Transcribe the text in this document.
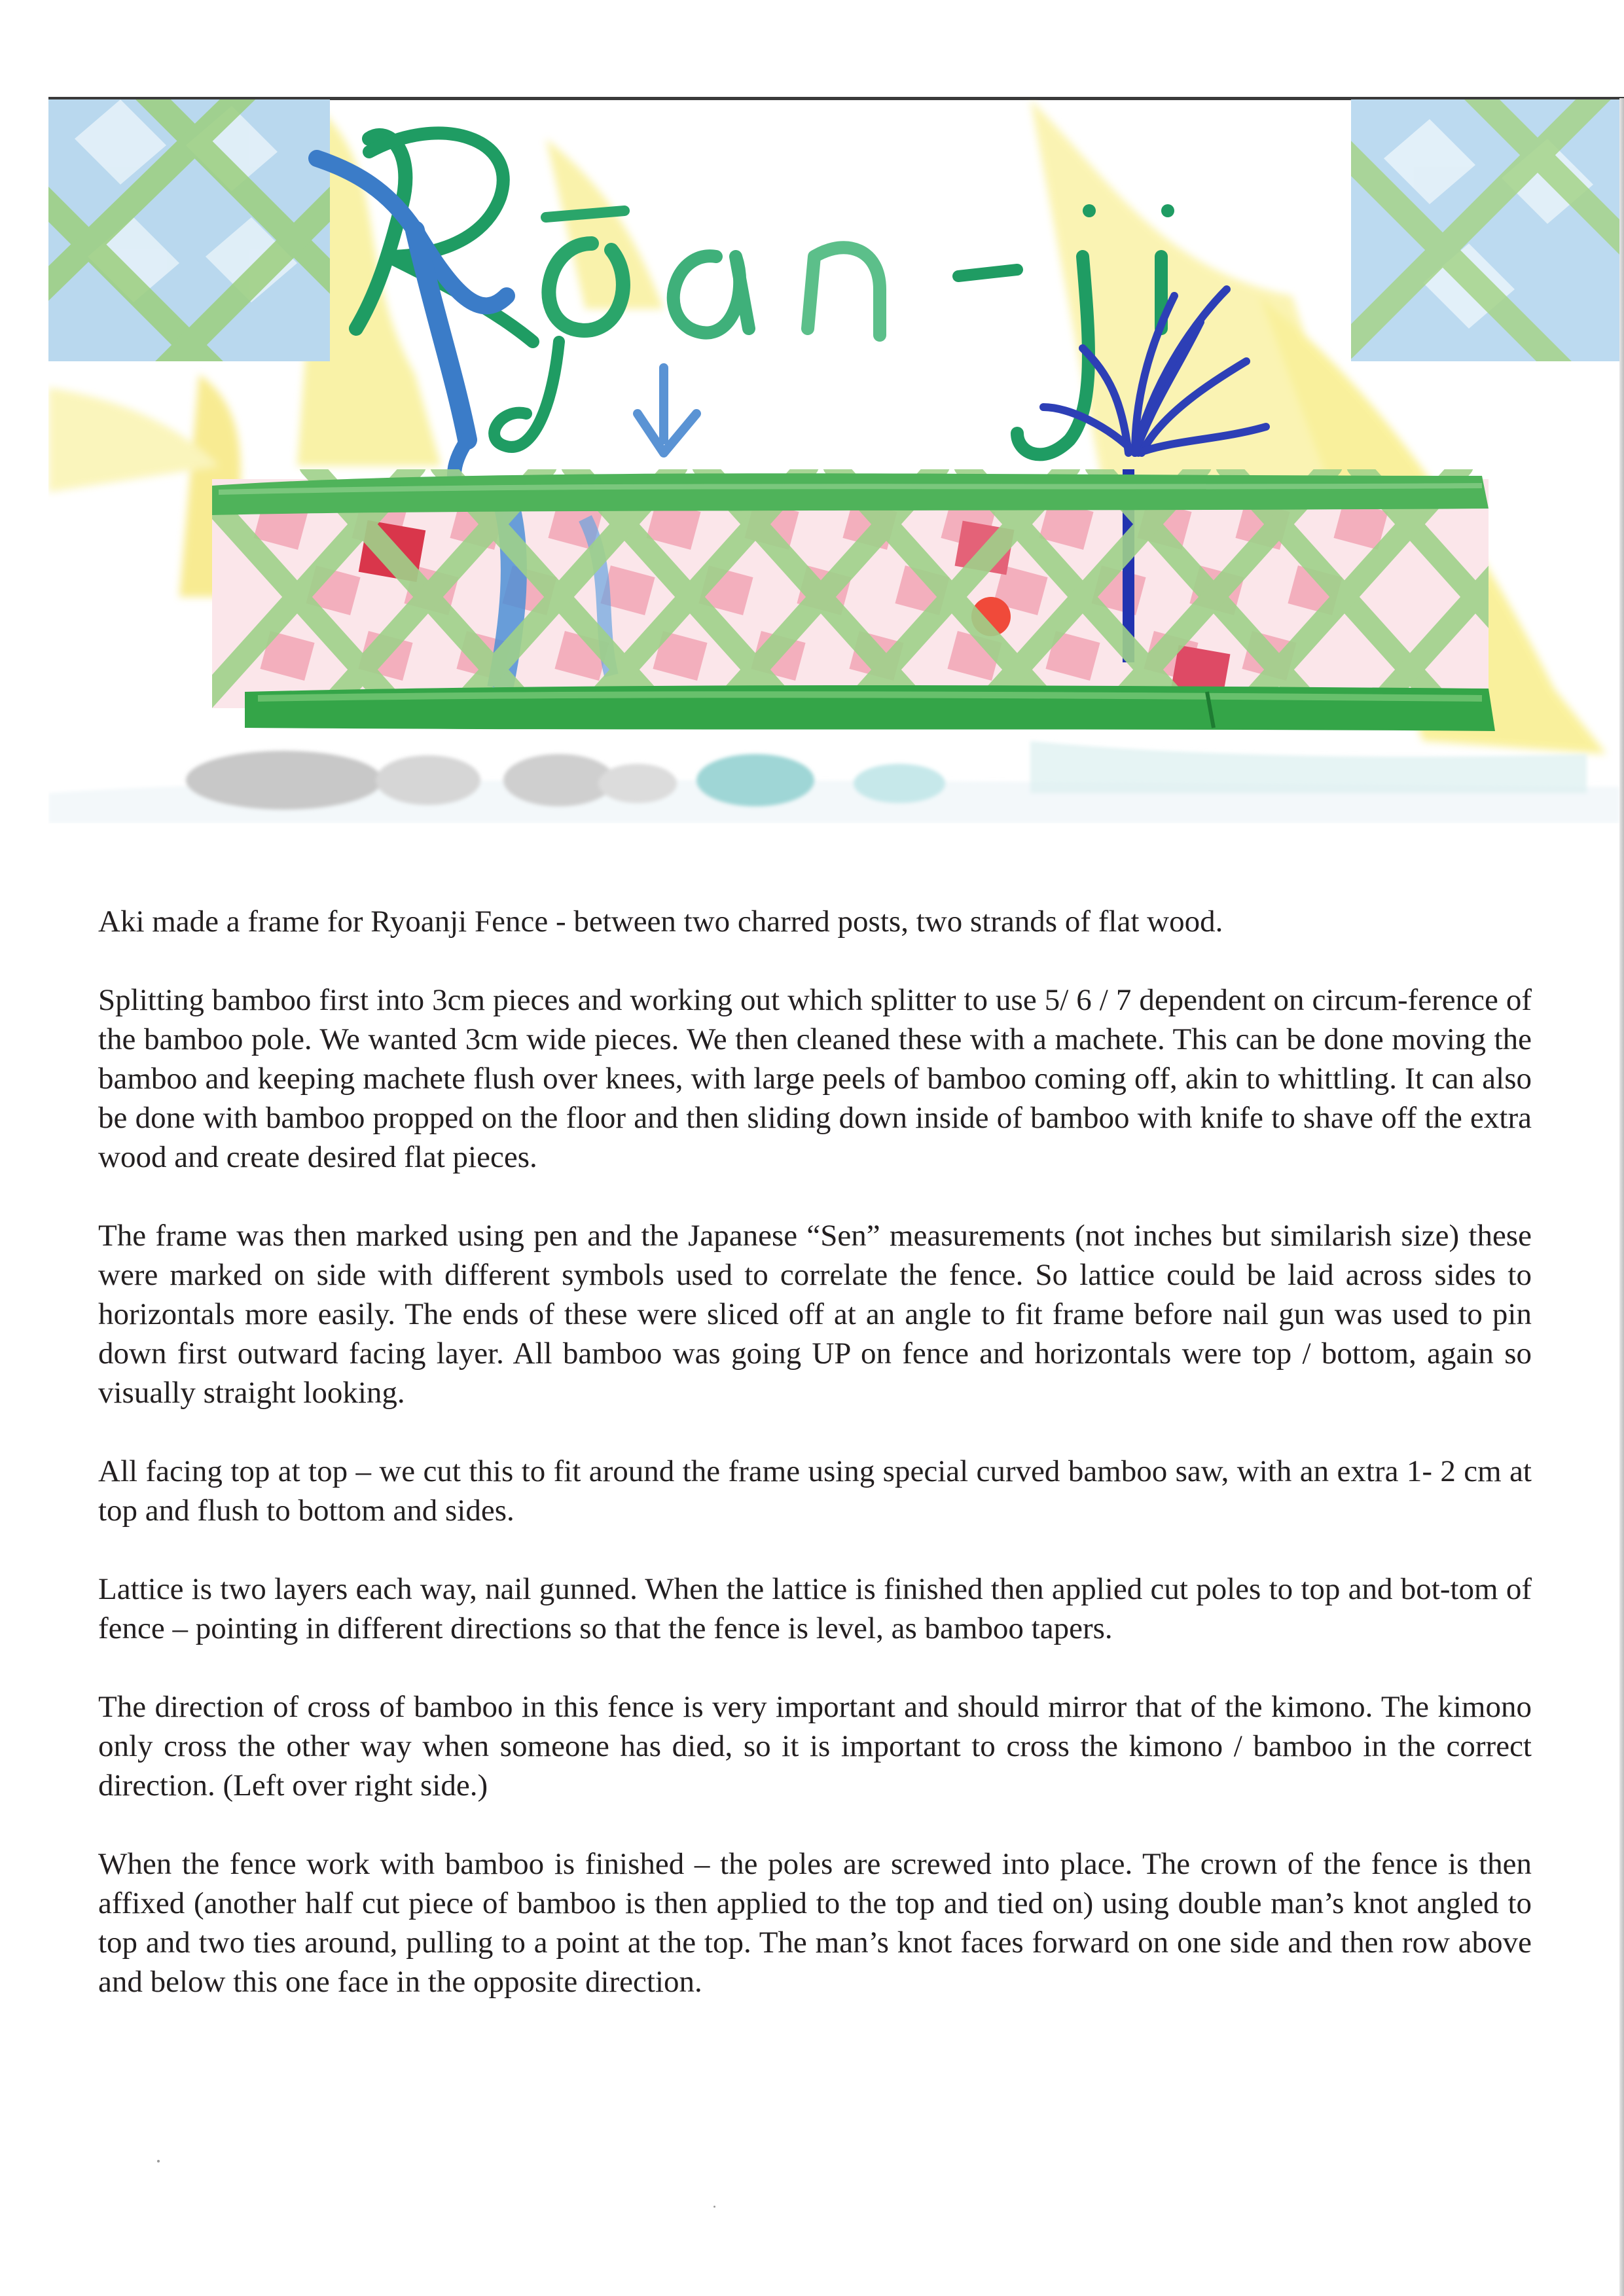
Aki made a frame for Ryoanji Fence - between two charred posts, two strands of flat wood.

Splitting bamboo first into 3cm pieces and working out which splitter to use 5/ 6 / 7 dependent on circum-ference of the bamboo pole. We wanted 3cm wide pieces. We then cleaned these with a machete. This can be done moving the bamboo and keeping machete flush over knees, with large peels of bamboo coming off, akin to whittling. It can also be done with bamboo propped on the floor and then sliding down inside of bamboo with knife to shave off the extra wood and create desired flat pieces.

The frame was then marked using pen and the Japanese “Sen” measurements (not inches but similarish size) these were marked on side with different symbols used to correlate the fence. So lattice could be laid across sides to horizontals more easily. The ends of these were sliced off at an angle to fit frame before nail gun was used to pin down first outward facing layer. All bamboo was going UP on fence and horizontals were top / bottom, again so visually straight looking.

All facing top at top – we cut this to fit around the frame using special curved bamboo saw, with an extra 1- 2 cm at top and flush to bottom and sides.

Lattice is two layers each way, nail gunned. When the lattice is finished then applied cut poles to top and bot-tom of fence – pointing in different directions so that the fence is level, as bamboo tapers.

The direction of cross of bamboo in this fence is very important and should mirror that of the kimono. The kimono only cross the other way when someone has died, so it is important to cross the kimono / bamboo in the correct direction. (Left over right side.)

When the fence work with bamboo is finished – the poles are screwed into place. The crown of the fence is then affixed (another half cut piece of bamboo is then applied to the top and tied on) using double man’s knot angled to top and two ties around, pulling to a point at the top. The man’s knot faces forward on one side and then row above and below this one face in the opposite direction.
